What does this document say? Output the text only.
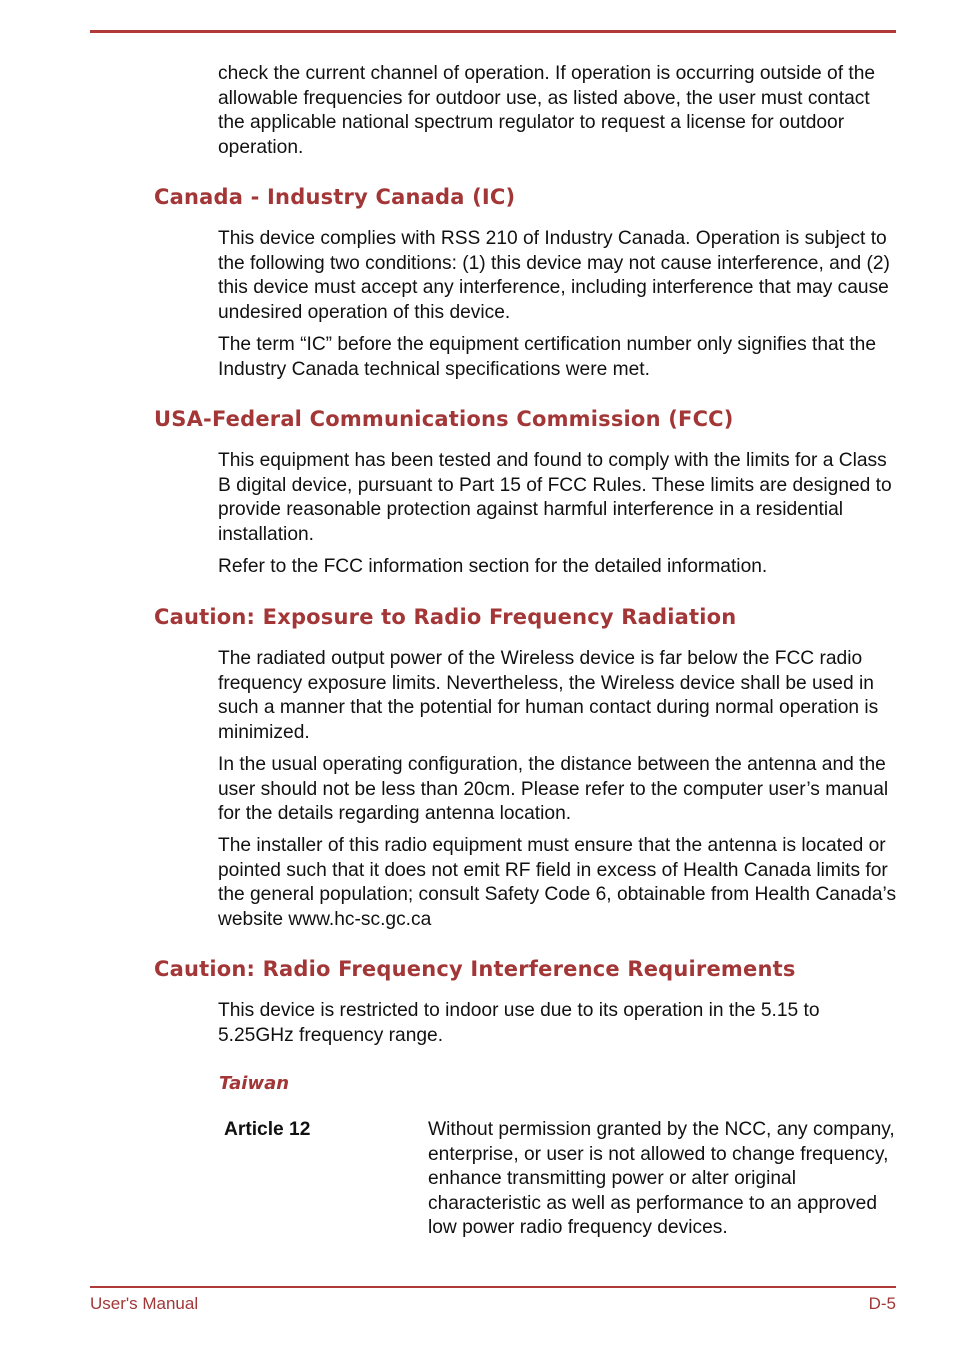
check the current channel of operation. If operation is occurring outside of the allowable frequencies for outdoor use, as listed above, the user must contact the applicable national spectrum regulator to request a license for outdoor operation.

Canada - Industry Canada (IC)

This device complies with RSS 210 of Industry Canada. Operation is subject to the following two conditions: (1) this device may not cause interference, and (2) this device must accept any interference, including interference that may cause undesired operation of this device.

The term “IC” before the equipment certification number only signifies that the Industry Canada technical specifications were met.

USA-Federal Communications Commission (FCC)

This equipment has been tested and found to comply with the limits for a Class B digital device, pursuant to Part 15 of FCC Rules. These limits are designed to provide reasonable protection against harmful interference in a residential installation.

Refer to the FCC information section for the detailed information.

Caution: Exposure to Radio Frequency Radiation

The radiated output power of the Wireless device is far below the FCC radio frequency exposure limits. Nevertheless, the Wireless device shall be used in such a manner that the potential for human contact during normal operation is minimized.

In the usual operating configuration, the distance between the antenna and the user should not be less than 20cm. Please refer to the computer user’s manual for the details regarding antenna location.

The installer of this radio equipment must ensure that the antenna is located or pointed such that it does not emit RF field in excess of Health Canada limits for the general population; consult Safety Code 6, obtainable from Health Canada’s website www.hc-sc.gc.ca

Caution: Radio Frequency Interference Requirements

This device is restricted to indoor use due to its operation in the 5.15 to 5.25GHz frequency range.

Taiwan
Article 12	Without permission granted by the NCC, any company, enterprise, or user is not allowed to change frequency, enhance transmitting power or alter original characteristic as well as performance to an approved low power radio frequency devices.
User's Manual	D-5
